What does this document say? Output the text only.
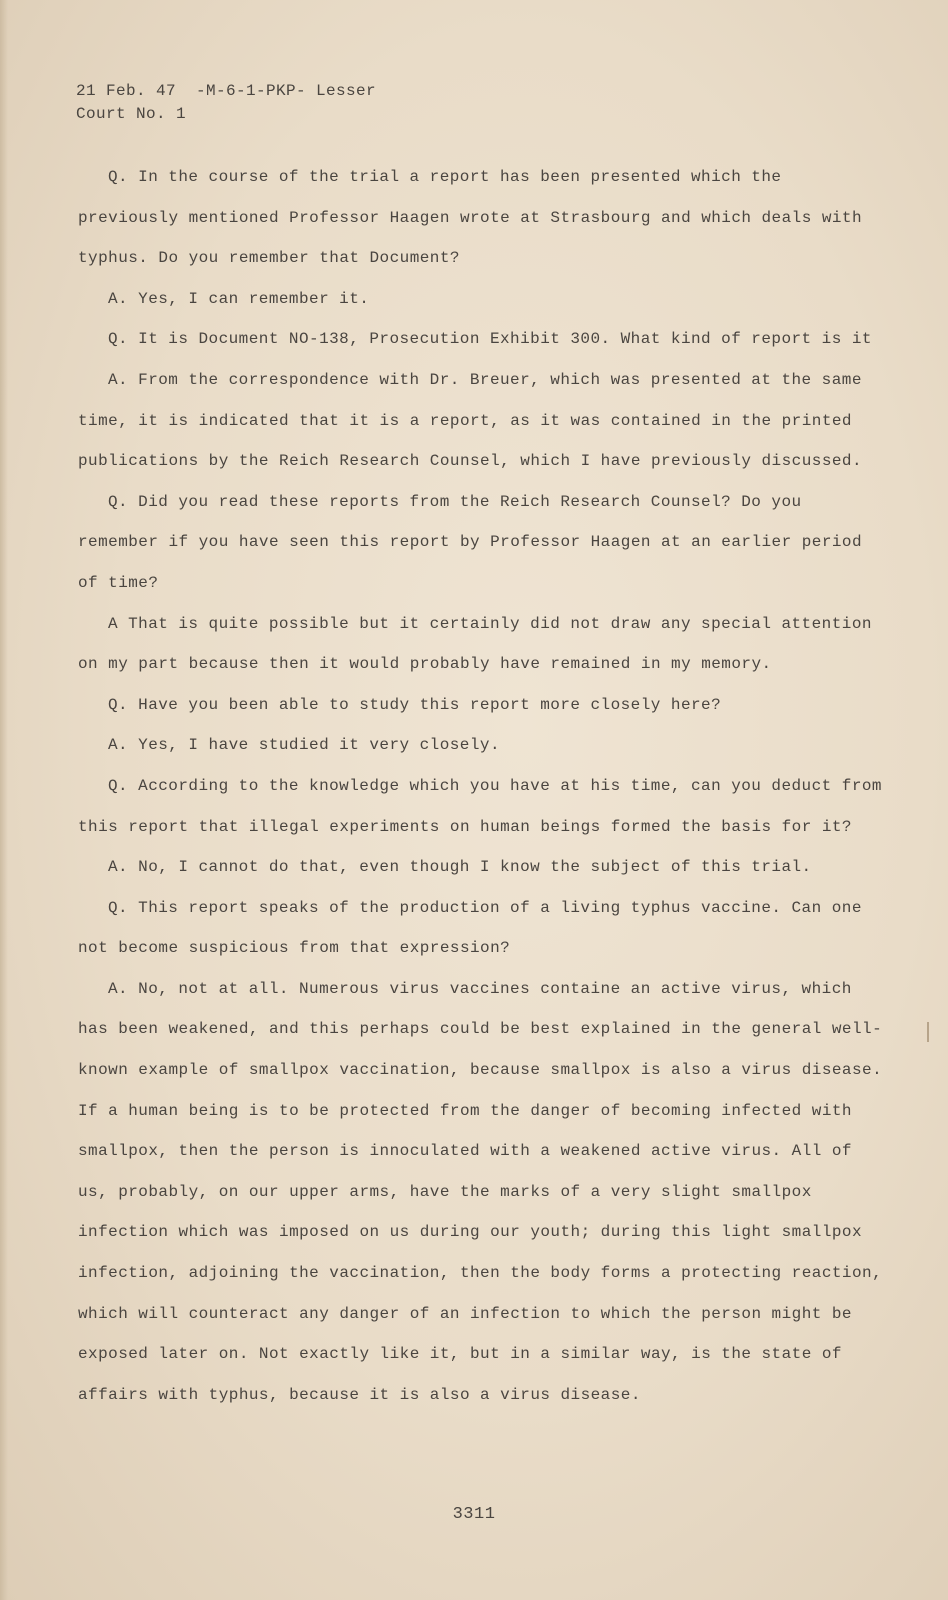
21 Feb. 47  -M-6-1-PKP- Lesser
Court No. 1

Q. In the course of the trial a report has been presented which the previously mentioned Professor Haagen wrote at Strasbourg and which deals with typhus. Do you remember that Document?

A. Yes, I can remember it.

Q. It is Document NO-138, Prosecution Exhibit 300. What kind of report is it

A. From the correspondence with Dr. Breuer, which was presented at the same time, it is indicated that it is a report, as it was contained in the printed publications by the Reich Research Counsel, which I have previously discussed.

Q. Did you read these reports from the Reich Research Counsel? Do you remember if you have seen this report by Professor Haagen at an earlier period of time?

A That is quite possible but it certainly did not draw any special attention on my part because then it would probably have remained in my memory.

Q. Have you been able to study this report more closely here?

A. Yes, I have studied it very closely.

Q. According to the knowledge which you have at his time, can you deduct from this report that illegal experiments on human beings formed the basis for it?

A. No, I cannot do that, even though I know the subject of this trial.

Q. This report speaks of the production of a living typhus vaccine. Can one not become suspicious from that expression?

A. No, not at all. Numerous virus vaccines containe an active virus, which has been weakened, and this perhaps could be best explained in the general well-known example of smallpox vaccination, because smallpox is also a virus disease. If a human being is to be protected from the danger of becoming infected with smallpox, then the person is innoculated with a weakened active virus. All of us, probably, on our upper arms, have the marks of a very slight smallpox infection which was imposed on us during our youth; during this light smallpox infection, adjoining the vaccination, then the body forms a protecting reaction, which will counteract any danger of an infection to which the person might be exposed later on. Not exactly like it, but in a similar way, is the state of affairs with typhus, because it is also a virus disease.

3311
